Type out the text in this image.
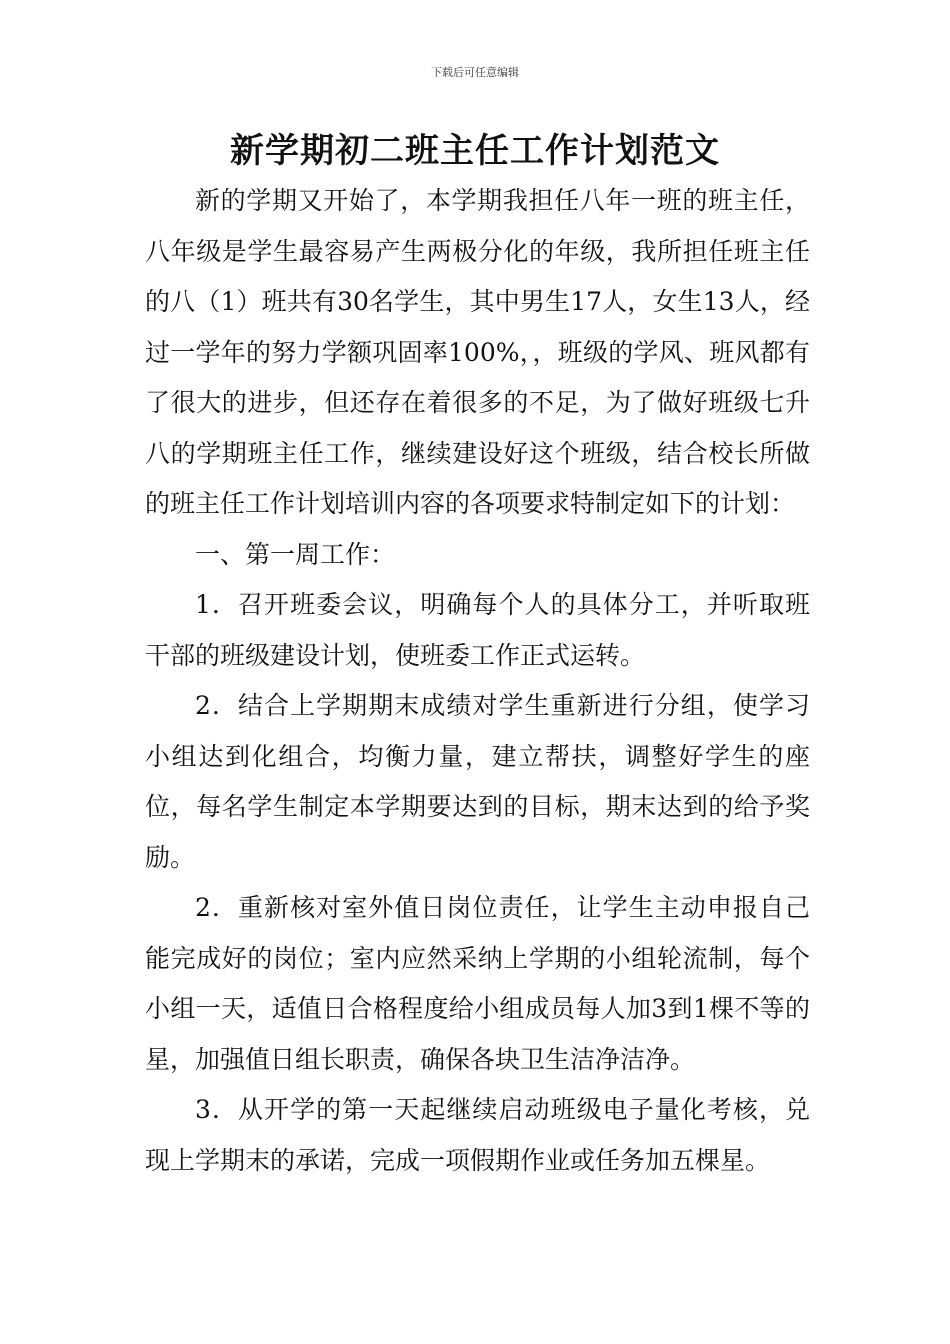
下载后可任意编辑
新学期初二班主任工作计划范文

新的学期又开始了，本学期我担任八年一班的班主任，八年级是学生最容易产生两极分化的年级，我所担任班主任的八（1）班共有30名学生，其中男生17人，女生13人，经过一学年的努力学额巩固率100%，，班级的学风、班风都有了很大的进步，但还存在着很多的不足，为了做好班级七升八的学期班主任工作，继续建设好这个班级，结合校长所做的班主任工作计划培训内容的各项要求特制定如下的计划：

一、第一周工作：

1．召开班委会议，明确每个人的具体分工，并听取班干部的班级建设计划，使班委工作正式运转。

2．结合上学期期末成绩对学生重新进行分组，使学习小组达到化组合，均衡力量，建立帮扶，调整好学生的座位，每名学生制定本学期要达到的目标，期末达到的给予奖励。

2．重新核对室外值日岗位责任，让学生主动申报自己能完成好的岗位；室内应然采纳上学期的小组轮流制，每个小组一天，适值日合格程度给小组成员每人加3到1棵不等的星，加强值日组长职责，确保各块卫生洁净洁净。

3．从开学的第一天起继续启动班级电子量化考核，兑现上学期末的承诺，完成一项假期作业或任务加五棵星。
